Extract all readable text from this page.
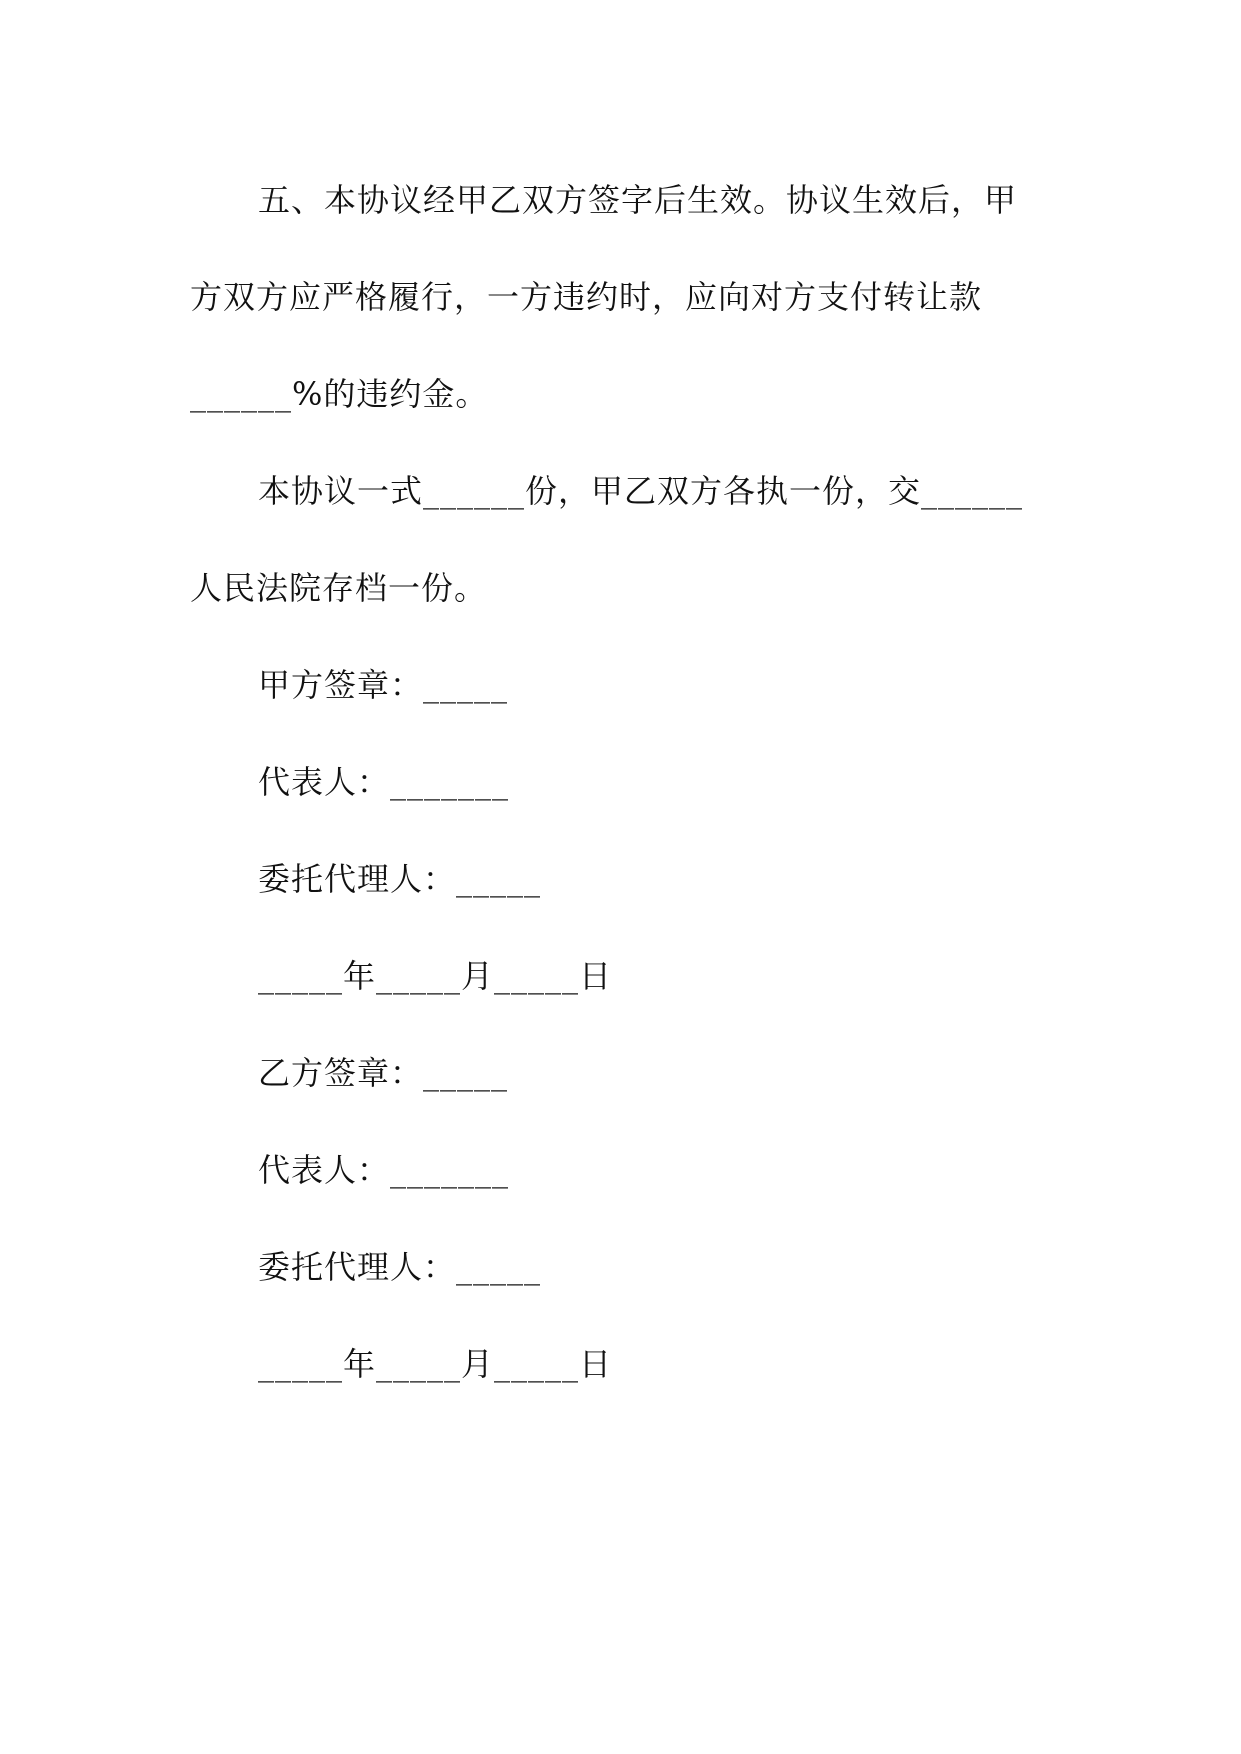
五、本协议经甲乙双方签字后生效。协议生效后，甲
方双方应严格履行，一方违约时，应向对方支付转让款
______%的违约金。
本协议一式______份，甲乙双方各执一份，交______
人民法院存档一份。
甲方签章：_____
代表人：_______
委托代理人：_____
_____年_____月_____日
乙方签章：_____
代表人：_______
委托代理人：_____
_____年_____月_____日
